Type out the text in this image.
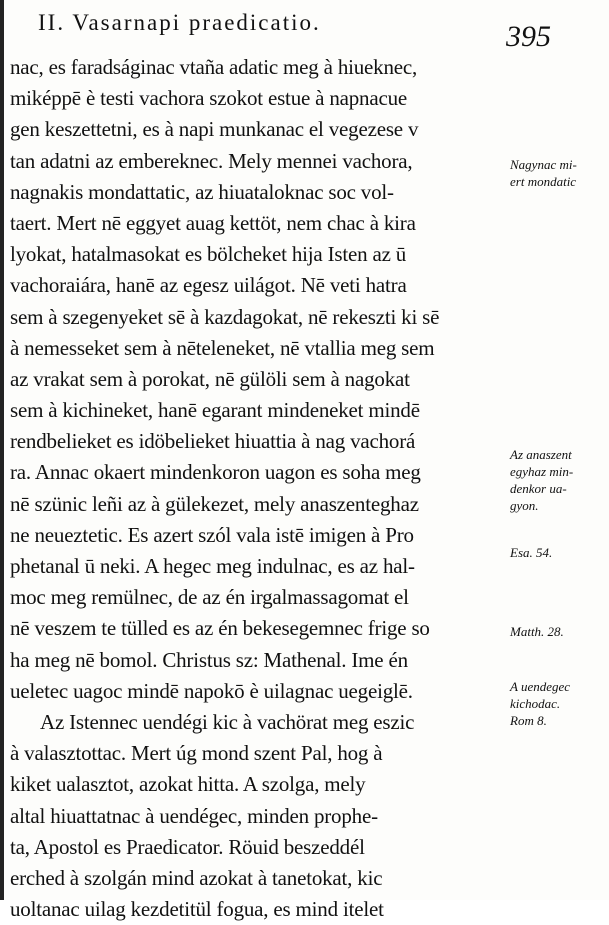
II. Vasarnapi praedicatio.	395
nac, es faradságinac vtaña adatic meg à hiueknec,
miképpē è testi vachora szokot estue à napnacue
gen keszettetni, es à napi munkanac el vegezese v
tan adatni az embereknec. Mely mennei vachora,
nagnakis mondattatic, az hiuataloknac soc vol-
taert. Mert nē eggyet auag kettöt, nem chac à kira
lyokat, hatalmasokat es bölcheket hija Isten az ū
vachoraiára, hanē az egesz uilágot. Nē veti hatra
sem à szegenyeket sē à kazdagokat, nē rekeszti ki sē
à nemesseket sem à nēteleneket, nē vtallia meg sem
az vrakat sem à porokat, nē gülöli sem à nagokat
sem à kichineket, hanē egarant mindeneket mindē
rendbelieket es idöbelieket hiuattia à nag vachorá
ra. Annac okaert mindenkoron uagon es soha meg
nē szünic leñi az à gülekezet, mely anaszenteghaz
ne neueztetic. Es azert szól vala istē imigen à Pro
phetanal ū neki. A hegec meg indulnac, es az hal-
moc meg remülnec, de az én irgalmassagomat el
nē veszem te tülled es az én bekesegemnec frige so
ha meg nē bomol. Christus sz: Mathenal. Ime én
ueletec uagoc mindē napokō è uilagnac uegeiglē.
Az Istennec uendégi kic à vachörat meg eszic
à valasztottac. Mert úg mond szent Pal, hog à
kiket ualasztot, azokat hitta. A szolga, mely
altal hiuattatnac à uendégec, minden prophe-
ta, Apostol es Praedicator. Röuid beszeddél
erched à szolgán mind azokat à tanetokat, kic
uoltanac uilag kezdetitül fogua, es mind itelet
Nagynac mi-
ert mondatic
Az anaszent
egyhaz min-
denkor ua-
gyon.
Esa. 54.
Matth. 28.
A uendegec
kichodac.
Rom 8.
